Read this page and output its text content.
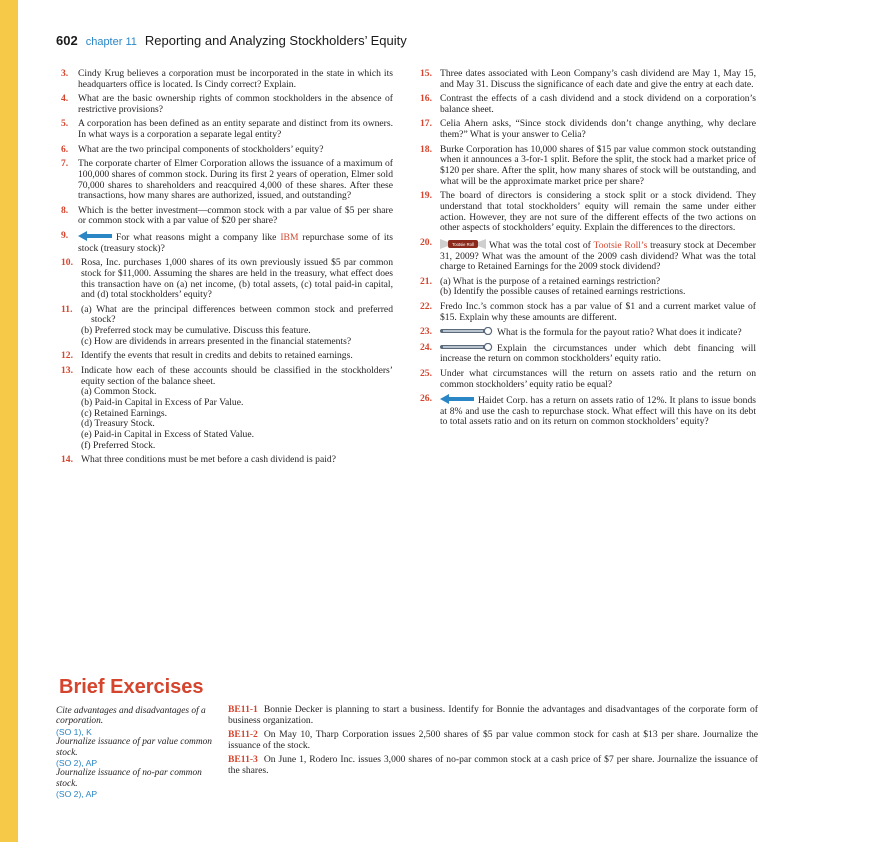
602 chapter 11 Reporting and Analyzing Stockholders’ Equity
3. Cindy Krug believes a corporation must be incorporated in the state in which its headquarters office is located. Is Cindy correct? Explain.
4. What are the basic ownership rights of common stockholders in the absence of restrictive provisions?
5. A corporation has been defined as an entity separate and distinct from its owners. In what ways is a corporation a separate legal entity?
6. What are the two principal components of stockholders’ equity?
7. The corporate charter of Elmer Corporation allows the issuance of a maximum of 100,000 shares of common stock. During its first 2 years of operation, Elmer sold 70,000 shares to shareholders and reacquired 4,000 of these shares. After these transactions, how many shares are authorized, issued, and outstanding?
8. Which is the better investment—common stock with a par value of $5 per share or common stock with a par value of $20 per share?
9.	For what reasons might a company like IBM repurchase some of its stock (treasury stock)?
10. Rosa, Inc. purchases 1,000 shares of its own previously issued $5 par common stock for $11,000. Assuming the shares are held in the treasury, what effect does this transaction have on (a) net income, (b) total assets, (c) total paid-in capital, and (d) total stockholders’ equity?
11. (a) What are the principal differences between common stock and preferred stock?
(b) Preferred stock may be cumulative. Discuss this feature.
(c) How are dividends in arrears presented in the financial statements?
12. Identify the events that result in credits and debits to retained earnings.
13. Indicate how each of these accounts should be classified in the stockholders’ equity section of the balance sheet.
(a) Common Stock.
(b) Paid-in Capital in Excess of Par Value.
(c) Retained Earnings.
(d) Treasury Stock.
(e) Paid-in Capital in Excess of Stated Value.
(f) Preferred Stock.
14. What three conditions must be met before a cash dividend is paid?
15. Three dates associated with Leon Company’s cash dividend are May 1, May 15, and May 31. Discuss the significance of each date and give the entry at each date.
16. Contrast the effects of a cash dividend and a stock dividend on a corporation’s balance sheet.
17. Celia Ahern asks, “Since stock dividends don’t change anything, why declare them?” What is your answer to Celia?
18. Burke Corporation has 10,000 shares of $15 par value common stock outstanding when it announces a 3-for-1 split. Before the split, the stock had a market price of $120 per share. After the split, how many shares of stock will be outstanding, and what will be the approximate market price per share?
19. The board of directors is considering a stock split or a stock dividend. They understand that total stockholders’ equity will remain the same under either action. However, they are not sure of the different effects of the two actions on other aspects of stockholders’ equity. Explain the differences to the directors.
20.	Tootsie Roll What was the total cost of Tootsie Roll’s treasury stock at December 31, 2009? What was the amount of the 2009 cash dividend? What was the total charge to Retained Earnings for the 2009 stock dividend?
21. (a) What is the purpose of a retained earnings restriction?
(b) Identify the possible causes of retained earnings restrictions.
22. Fredo Inc.’s common stock has a par value of $1 and a current market value of $15. Explain why these amounts are different.
23.	What is the formula for the payout ratio? What does it indicate?
24.	Explain the circumstances under which debt financing will increase the return on common stockholders’ equity ratio.
25. Under what circumstances will the return on assets ratio and the return on common stockholders’ equity ratio be equal?
26.	Haidet Corp. has a return on assets ratio of 12%. It plans to issue bonds at 8% and use the cash to repurchase stock. What effect will this have on its debt to total assets ratio and on its return on common stockholders’ equity?
Brief Exercises
Cite advantages and disadvantages of a corporation.
(SO 1), K
Journalize issuance of par value common stock.
(SO 2), AP
Journalize issuance of no-par common stock.
(SO 2), AP
BE11-1 Bonnie Decker is planning to start a business. Identify for Bonnie the advantages and disadvantages of the corporate form of business organization.
BE11-2 On May 10, Tharp Corporation issues 2,500 shares of $5 par value common stock for cash at $13 per share. Journalize the issuance of the stock.
BE11-3 On June 1, Rodero Inc. issues 3,000 shares of no-par common stock at a cash price of $7 per share. Journalize the issuance of the shares.
